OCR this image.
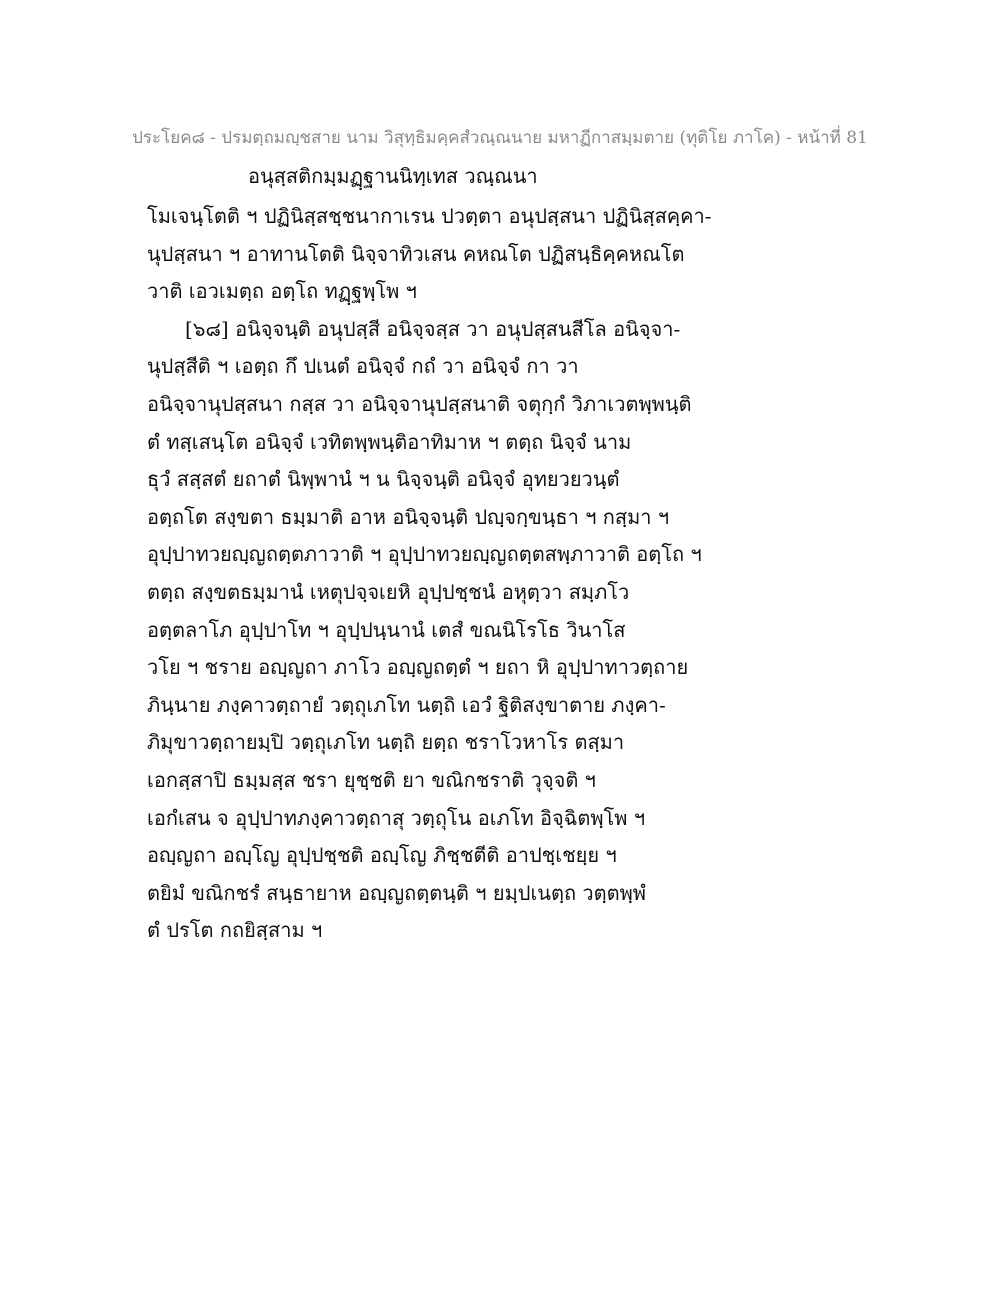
ประโยค๘ - ปรมตฺถมญฺชสาย นาม วิสุทฺธิมคฺคสํวณฺณนาย มหาฏีกาสมฺมตาย (ทุติโย ภาโค) - หน้าที่ 81
อนุสฺสติกมฺมฏฺฐานนิทฺเทส วณฺณนา
โมเจนฺโตติ ฯ ปฏินิสฺสชฺชนากาเรน ปวตฺตา อนุปสฺสนา ปฏินิสฺสคฺคา-
นุปสฺสนา ฯ อาทานโตติ นิจฺจาทิวเสน คหณโต ปฏิสนฺธิคฺคหณโต
วาติ เอวเมตฺถ อตฺโถ ทฏฺฐพฺโพ ฯ
[๖๘] อนิจฺจนฺติ อนุปสฺสี อนิจฺจสฺส วา อนุปสฺสนสีโล อนิจฺจา-
นุปสฺสีติ ฯ เอตฺถ กึ ปเนตํ อนิจฺจํ กถํ วา อนิจฺจํ กา วา
อนิจฺจานุปสฺสนา กสฺส วา อนิจฺจานุปสฺสนาติ จตุกฺกํ วิภาเวตพฺพนฺติ
ตํ ทสฺเสนฺโต อนิจฺจํ เวทิตพฺพนฺติอาทิมาห ฯ ตตฺถ นิจฺจํ นาม
ธุวํ สสฺสตํ ยถาตํ นิพฺพานํ ฯ น นิจฺจนฺติ อนิจฺจํ อุทยวยวนฺตํ
อตฺถโต สงฺขตา ธมฺมาติ อาห อนิจฺจนฺติ ปญฺจกฺขนฺธา ฯ กสฺมา ฯ
อุปฺปาทวยญฺญถตฺตภาวาติ ฯ อุปฺปาทวยญฺญถตฺตสพฺภาวาติ อตฺโถ ฯ
ตตฺถ สงฺขตธมฺมานํ เหตุปจฺจเยหิ อุปฺปชฺชนํ อหุตฺวา สมฺภโว
อตฺตลาโภ อุปฺปาโท ฯ อุปฺปนฺนานํ เตสํ ขณนิโรโธ วินาโส
วโย ฯ ชราย อญฺญถา ภาโว อญฺญถตฺตํ ฯ ยถา หิ อุปฺปาทาวตฺถาย
ภินฺนาย ภงฺคาวตฺถายํ วตฺถุเภโท นตฺถิ เอวํ ฐิติสงฺขาตาย ภงฺคา-
ภิมุขาวตฺถายมฺปิ วตฺถุเภโท นตฺถิ ยตฺถ ชราโวหาโร ตสฺมา
เอกสฺสาปิ ธมฺมสฺส ชรา ยุชฺชติ ยา ขณิกชราติ วุจฺจติ ฯ
เอกํเสน จ อุปฺปาทภงฺคาวตฺถาสุ วตฺถุโน อเภโท อิจฺฉิตพฺโพ ฯ
อญฺญถา อญฺโญ อุปฺปชฺชติ อญฺโญ ภิชฺชตีติ อาปชฺเชยฺย ฯ
ตยิมํ ขณิกชรํ สนฺธายาห อญฺญถตฺตนฺติ ฯ ยมฺปเนตฺถ วตฺตพฺพํ
ตํ ปรโต กถยิสฺสาม ฯ
